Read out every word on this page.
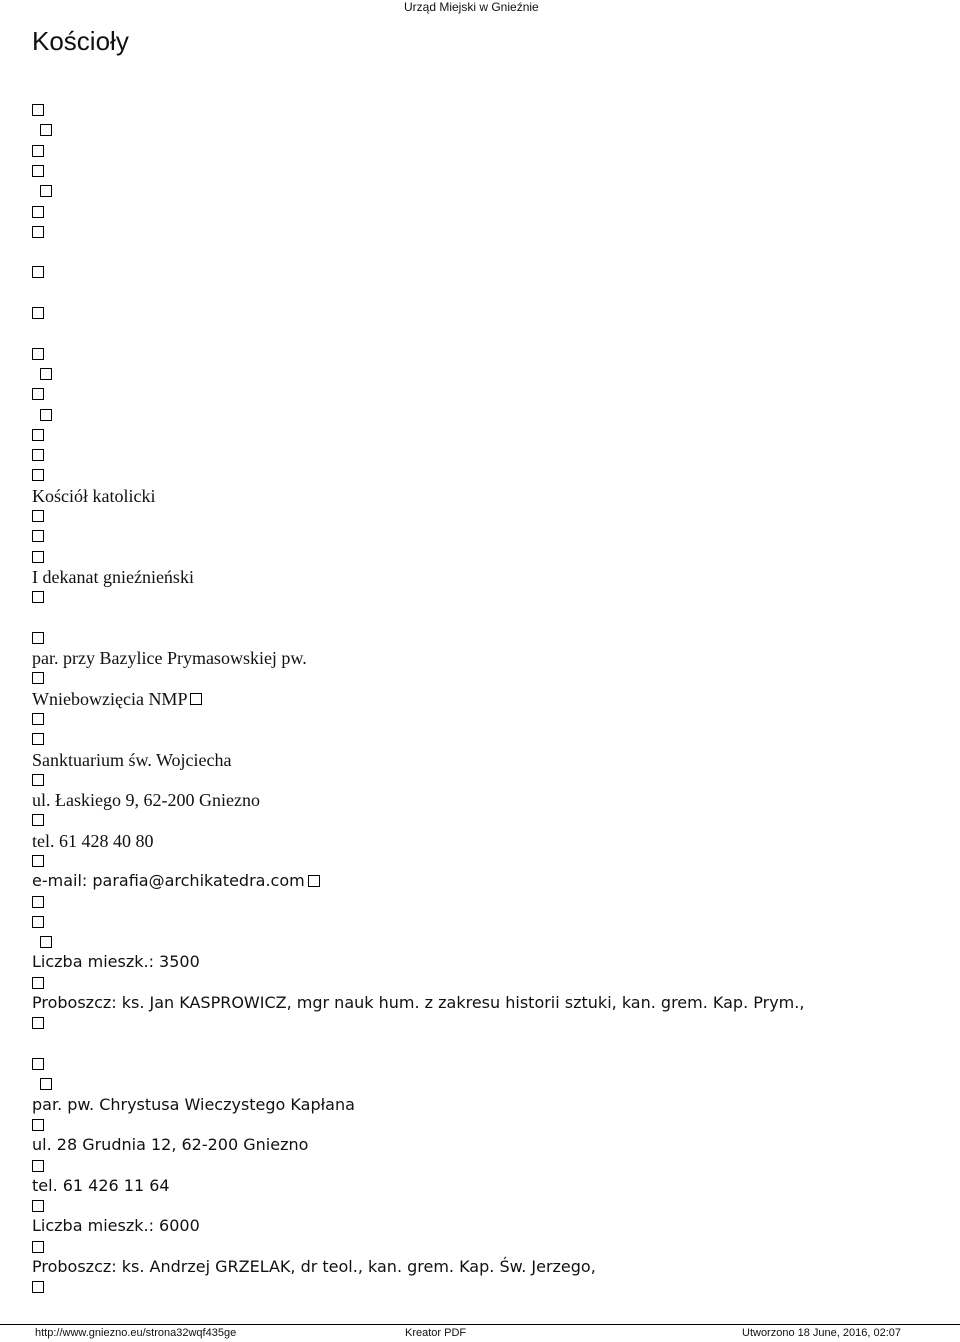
Urząd Miejski w Gnieźnie
Kościoły
Kościół katolicki
I dekanat gnieźnieński
par. przy Bazylice Prymasowskiej pw.
Wniebowzięcia NMP
Sanktuarium św. Wojciecha
ul. Łaskiego 9, 62-200 Gniezno
tel. 61 428 40 80
e-mail: parafia@archikatedra.com
Liczba mieszk.: 3500
Proboszcz: ks. Jan KASPROWICZ, mgr nauk hum. z zakresu historii sztuki, kan. grem. Kap. Prym.,
par. pw. Chrystusa Wieczystego Kapłana
ul. 28 Grudnia 12, 62-200 Gniezno
tel. 61 426 11 64
Liczba mieszk.: 6000
Proboszcz: ks. Andrzej GRZELAK, dr teol., kan. grem. Kap. Św. Jerzego,
http://www.gniezno.eu/strona32wqf435ge	Kreator PDF	Utworzono 18 June, 2016, 02:07
